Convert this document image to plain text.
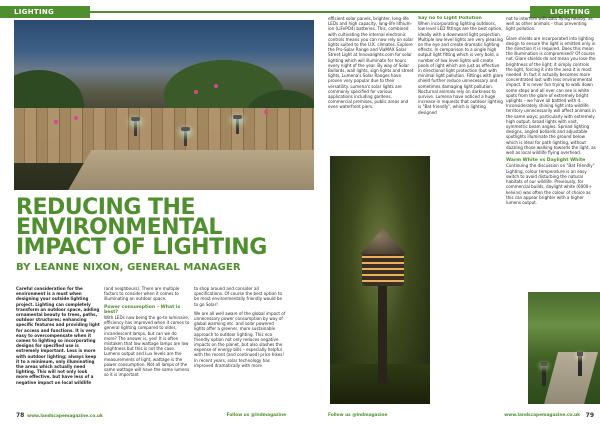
LIGHTING
REDUCING THE ENVIRONMENTAL IMPACT OF LIGHTING
BY LEANNE NIXON, GENERAL MANAGER

Careful consideration for the environment is a must when designing your outside lighting project. Lighting can completely transform an outdoor space, adding ornamental beauty to trees, paths, outdoor structures; enhancing specific features and providing light for access and functions. It is very easy to overcompensate when it comes to lighting so incorporating designs for specified use is extremely important. Less is more with outdoor lighting; always keep it to a minimum, only illuminating the areas which actually need lighting. This will not only look more effective, but have less of a negative impact on local wildlife

(and neighbours). There are multiple factors to consider when it comes to illuminating an outdoor space.

Power consumption – What is best?

With LEDs now being the go-to luminaire, efficiency has improved when it comes to general lighting compared to older, incandescent lamps, but can we do more? The answer is, yes! It is often mistaken that low wattage lamps are low brightness but this is not the case. Lumens output and Lux levels are the measurements of light, wattage is the power consumption. Not all lamps of the same wattage will have the same lumens so it is important

to shop around and consider all specifications. Of course the best option to be most environmentally friendly would be to go Solar!

We are all well aware of the global impact of unnecessary power consumption by way of global warming etc. and solar powered lights offer a greener, more sustainable approach to outdoor lighting. This eco friendly option not only reduces negative impacts on the planet, but also slashes the expense of energy bills – especially helpful with the recent (and continued) price hikes! In recent years, solar technology has improved dramatically with more

78 www.landscapemagazine.co.uk	Follow us @lndmagazine
LIGHTING

efficient solar panels, brighter, long-life LEDs and high capacity, long-life lithium-ion (LiFePO4) batteries. This, combined with cultivating the internal electronic controls means you can now rely on solar lights suited to the U.K. climates. Explore the Pro-Solar Range and ViaMAX Solar Street Light at Innovalights.com for solar lighting which will illuminate for hours every night of the year. By way of Solar Bollards, wall lights, sign lights and street lights, Lumena's Solar Ranges have proven very popular due to their versatility. Lumena's solar lights are commonly specified for various applications including gardens, commercial premises, public areas and even waterfront piers.

Say no to Light Pollution

When incorporating lighting outdoors, low level LED fittings are the best option, ideally with a downward light projection. Multiple low level lights are very pleasing on the eye and create dramatic lighting effects. In comparison to a single high output light fitting which is very bold, a number of low level lights will create pools of light which are just as effective in directional light protection (but with minimal light pollution. Fittings with glare shield further reduce unnecessary and sometimes damaging light pollution. Nocturnal animals rely on darkness to survive. Lumena have noticed a huge increase in requests that outdoor lighting is "Bat friendly", which is lighting designed

not to interfere with bats flying nearby, as well as other animals – thus preventing light pollution.

Glare shields are incorporated into lighting design to ensure the light is emitted only in the direction it is required. Does this mean the illumination is compromised? Of course not. Glare shields do not mean you lose the brightness of the light; it simply controls the light, forcing it into the area it is most needed. In fact it actually becomes more concentrated lost with less environmental impact. It is never fun trying to walk down some steps and all ever can see is white spots from the glare of extremely bright uplights – we have all battled with it. Inconsiderately shining light into wildlife territory unnecessarily will affect animals in the same ways; particularly with extremely high output, broad lights with vast, symmetric beam angles. Spread lighting designs, angled bollards and adjustable spotlights illuminate the ground below which is ideal for path lighting, without dazzling those walking towards the light, as well as local wildlife flying overhead.

Warm White vs Daylight White

Continuing the discussion on "Bat Friendly" Lighting, colour temperature is an easy switch to avoid disturbing the natural habitats of our wildlife. Previously, for commercial builds, daylight white (6000+ kelvins) was often the colour of choice as this can appear brighter with a higher lumens output.

Follow us @lndmagazine	www.landscapemagazine.co.uk 79
